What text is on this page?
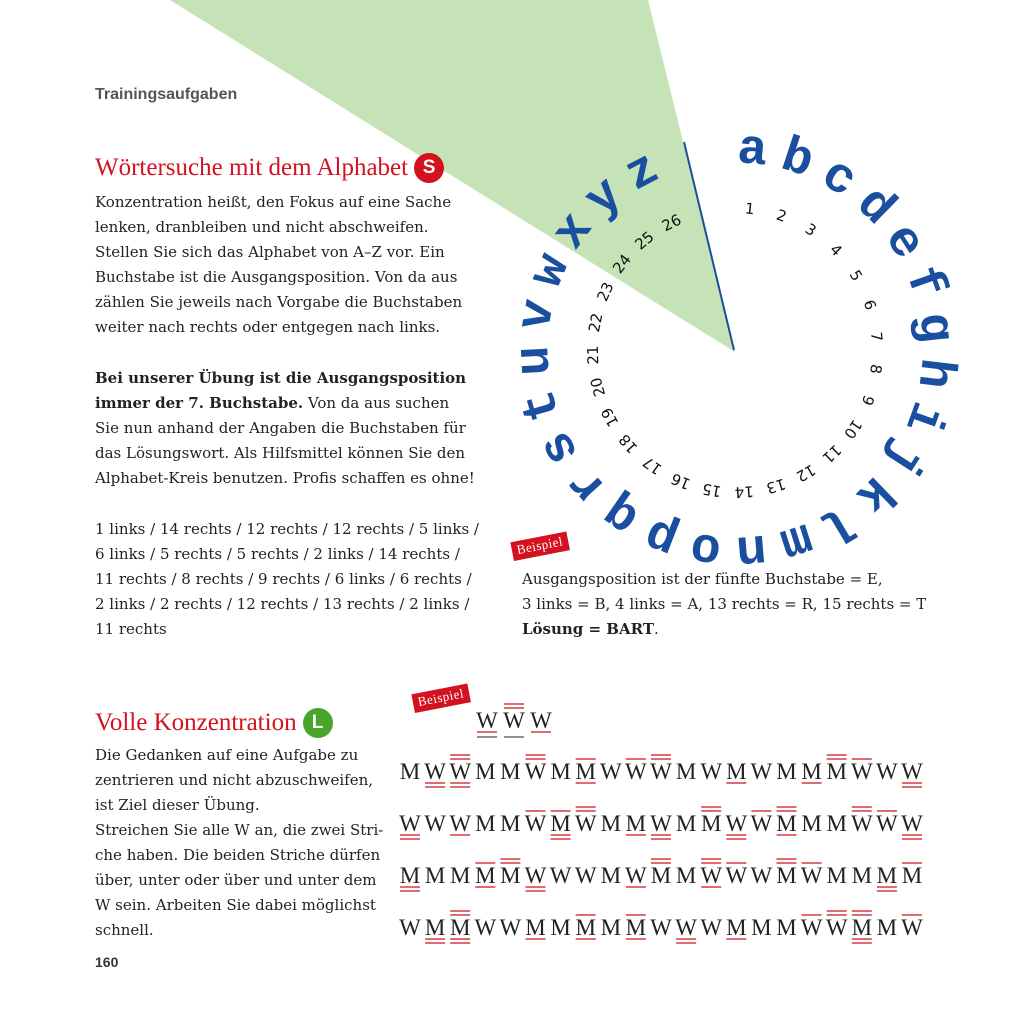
a b
c
d
e
f
g
h
i
j
k
l
m
n
o
p
q
r
s
t
u
v
w
x
y
z
1 2
3
4
5
6
7
8
9
10
11
12
13
14
15
16
17
18
19
20
21
22
23
24
25
26
Trainingsaufgaben
Wörtersuche mit dem Alphabet S
Konzentration heißt, den Fokus auf eine Sache
lenken, dranbleiben und nicht abschweifen.
Stellen Sie sich das Alphabet von A–Z vor. Ein
Buchstabe ist die Ausgangsposition. Von da aus
zählen Sie jeweils nach Vorgabe die Buchstaben
weiter nach rechts oder entgegen nach links.
Bei unserer Übung ist die Ausgangsposition
immer der 7. Buchstabe. Von da aus suchen
Sie nun anhand der Angaben die Buchstaben für
das Lösungswort. Als Hilfsmittel können Sie den
Alphabet-Kreis benutzen. Profis schaffen es ohne!
1 links / 14 rechts / 12 rechts / 12 rechts / 5 links /
6 links / 5 rechts / 5 rechts / 2 links / 14 rechts /
11 rechts / 8 rechts / 9 rechts / 6 links / 6 rechts /
2 links / 2 rechts / 12 rechts / 13 rechts / 2 links /
11 rechts
Beispiel
Ausgangsposition ist der fünfte Buchstabe = E,
3 links = B, 4 links = A, 13 rechts = R, 15 rechts = T
Lösung = BART.
Volle Konzentration L
Die Gedanken auf eine Aufgabe zu
zentrieren und nicht abzuschweifen,
ist Ziel dieser Übung.
Streichen Sie alle W an, die zwei Stri-
che haben. Die beiden Striche dürfen
über, unter oder über und unter dem
W sein. Arbeiten Sie dabei möglichst
schnell.
Beispiel
W W W
M W W M M W M M W W W M W M W M M M W W W
W W W M M W M W M M W M M W W M M M W W W
M M M M M W W W M W M M W W W M W M M M M
W M M W W M M M M M W W W M M M W W M M W
160
